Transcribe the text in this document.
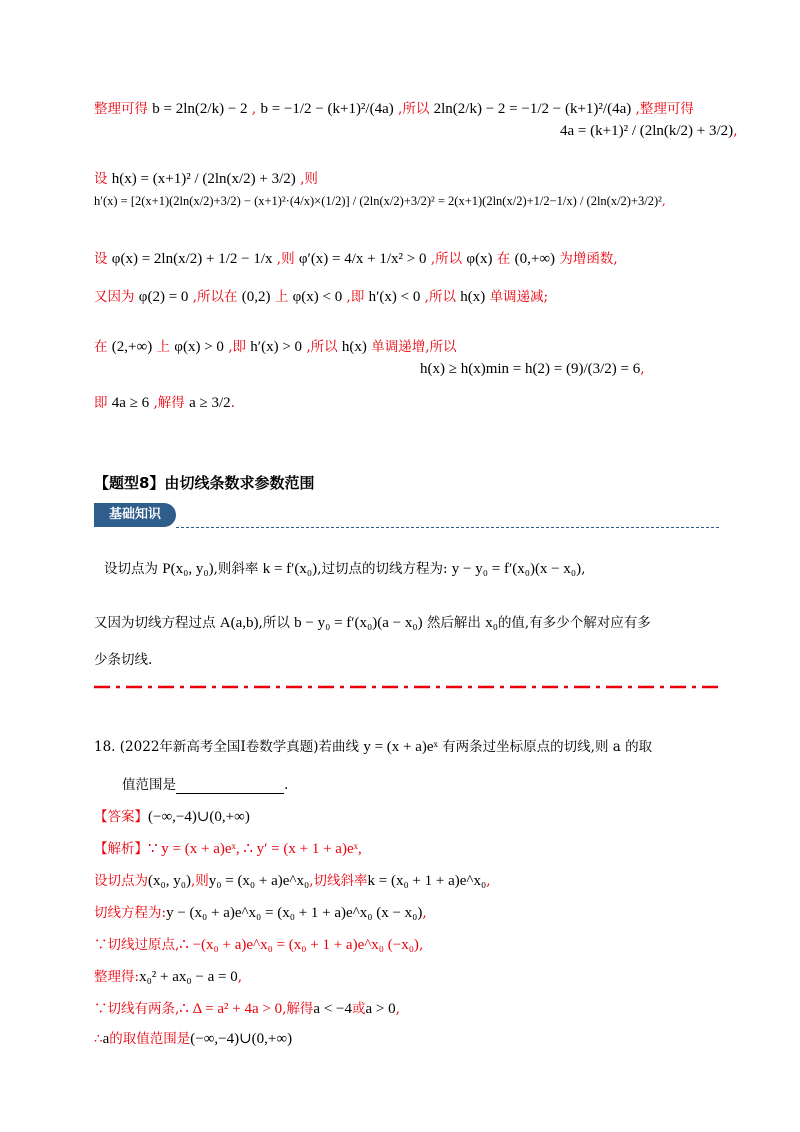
整理可得 b = 2ln(2/k) − 2 , b = −1/2 − (k+1)²/(4a) ,所以 2ln(2/k) − 2 = −1/2 − (k+1)²/(4a) ,整理可得
4a = (k+1)² / (2ln(k/2) + 3/2),
设 h(x) = (x+1)² / (2ln(x/2) + 3/2) ,则
h′(x) = [2(x+1)(2ln(x/2)+3/2) − (x+1)²·(4/x)×(1/2)] / (2ln(x/2)+3/2)² = 2(x+1)(2ln(x/2)+1/2−1/x) / (2ln(x/2)+3/2)²,
设 φ(x) = 2ln(x/2) + 1/2 − 1/x ,则 φ′(x) = 4/x + 1/x² > 0 ,所以 φ(x) 在 (0,+∞) 为增函数,
又因为 φ(2) = 0 ,所以在 (0,2) 上 φ(x) < 0 ,即 h′(x) < 0 ,所以 h(x) 单调递减;
在 (2,+∞) 上 φ(x) > 0 ,即 h′(x) > 0 ,所以 h(x) 单调递增,所以
h(x) ≥ h(x)min = h(2) = (9)/(3/2) = 6,
即 4a ≥ 6 ,解得 a ≥ 3/2.
【题型8】由切线条数求参数范围
基础知识
设切点为 P(x₀, y₀),则斜率 k = f′(x₀),过切点的切线方程为: y − y₀ = f′(x₀)(x − x₀),
又因为切线方程过点 A(a,b),所以 b − y₀ = f′(x₀)(a − x₀) 然后解出 x₀的值,有多少个解对应有多
少条切线.
18. (2022年新高考全国Ⅰ卷数学真题)若曲线 y = (x + a)eˣ 有两条过坐标原点的切线,则 a 的取
值范围是	.
【答案】(−∞,−4)∪(0,+∞)
【解析】∵ y = (x + a)eˣ, ∴ y′ = (x + 1 + a)eˣ,
设切点为(x₀, y₀),则y₀ = (x₀ + a)e^x₀,切线斜率k = (x₀ + 1 + a)e^x₀,
切线方程为:y − (x₀ + a)e^x₀ = (x₀ + 1 + a)e^x₀ (x − x₀),
∵切线过原点,∴ −(x₀ + a)e^x₀ = (x₀ + 1 + a)e^x₀ (−x₀),
整理得:x₀² + ax₀ − a = 0,
∵切线有两条,∴ Δ = a² + 4a > 0,解得a < −4或a > 0,
∴a的取值范围是(−∞,−4)∪(0,+∞)
